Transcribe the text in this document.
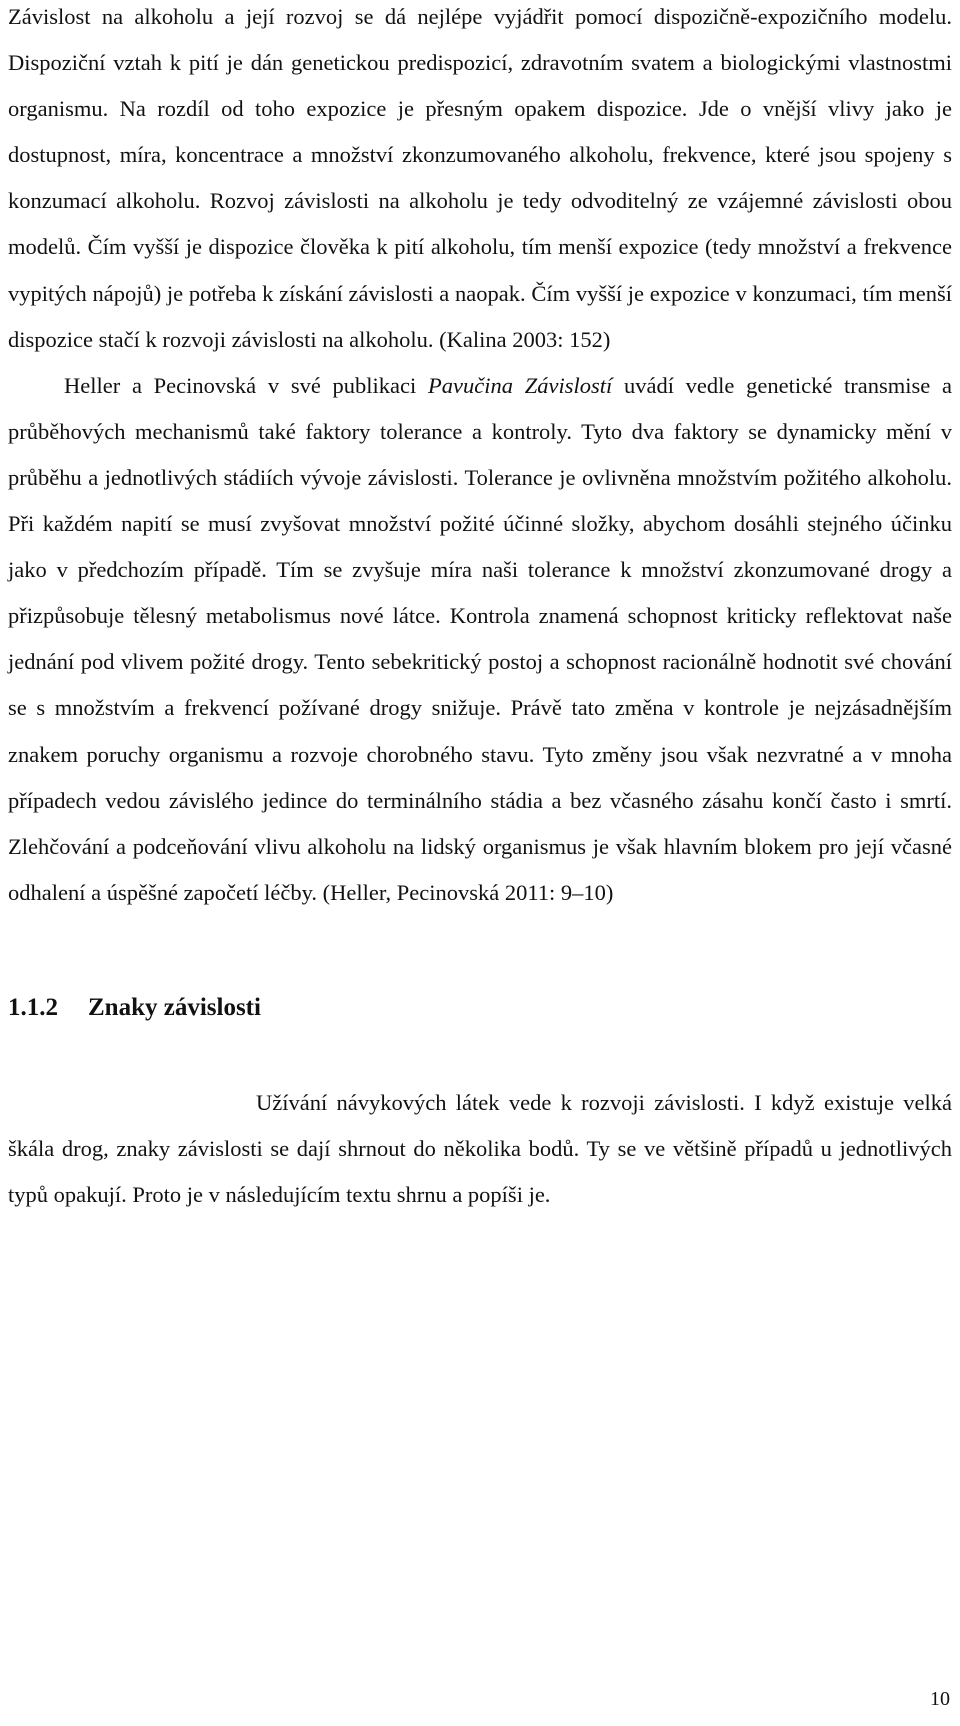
Závislost na alkoholu a její rozvoj se dá nejlépe vyjádřit pomocí dispozičně-expozičního modelu. Dispoziční vztah k pití je dán genetickou predispozicí, zdravotním svatem a biologickými vlastnostmi organismu. Na rozdíl od toho expozice je přesným opakem dispozice. Jde o vnější vlivy jako je dostupnost, míra, koncentrace a množství zkonzumovaného alkoholu, frekvence, které jsou spojeny s konzumací alkoholu. Rozvoj závislosti na alkoholu je tedy odvoditelný ze vzájemné závislosti obou modelů. Čím vyšší je dispozice člověka k pití alkoholu, tím menší expozice (tedy množství a frekvence vypitých nápojů) je potřeba k získání závislosti a naopak. Čím vyšší je expozice v konzumaci, tím menší dispozice stačí k rozvoji závislosti na alkoholu. (Kalina 2003: 152)

Heller a Pecinovská v své publikaci Pavučina Závislostí uvádí vedle genetické transmise a průběhových mechanismů také faktory tolerance a kontroly. Tyto dva faktory se dynamicky mění v průběhu a jednotlivých stádiích vývoje závislosti. Tolerance je ovlivněna množstvím požitého alkoholu. Při každém napití se musí zvyšovat množství požité účinné složky, abychom dosáhli stejného účinku jako v předchozím případě. Tím se zvyšuje míra naši tolerance k množství zkonzumované drogy a přizpůsobuje tělesný metabolismus nové látce. Kontrola znamená schopnost kriticky reflektovat naše jednání pod vlivem požité drogy. Tento sebekritický postoj a schopnost racionálně hodnotit své chování se s množstvím a frekvencí požívané drogy snižuje. Právě tato změna v kontrole je nejzásadnějším znakem poruchy organismu a rozvoje chorobného stavu. Tyto změny jsou však nezvratné a v mnoha případech vedou závislého jedince do terminálního stádia a bez včasného zásahu končí často i smrtí. Zlehčování a podceňování vlivu alkoholu na lidský organismus je však hlavním blokem pro její včasné odhalení a úspěšné započetí léčby. (Heller, Pecinovská 2011: 9–10)

1.1.2 Znaky závislosti

Užívání návykových látek vede k rozvoji závislosti. I když existuje velká škála drog, znaky závislosti se dají shrnout do několika bodů. Ty se ve většině případů u jednotlivých typů opakují. Proto je v následujícím textu shrnu a popíši je.

10
